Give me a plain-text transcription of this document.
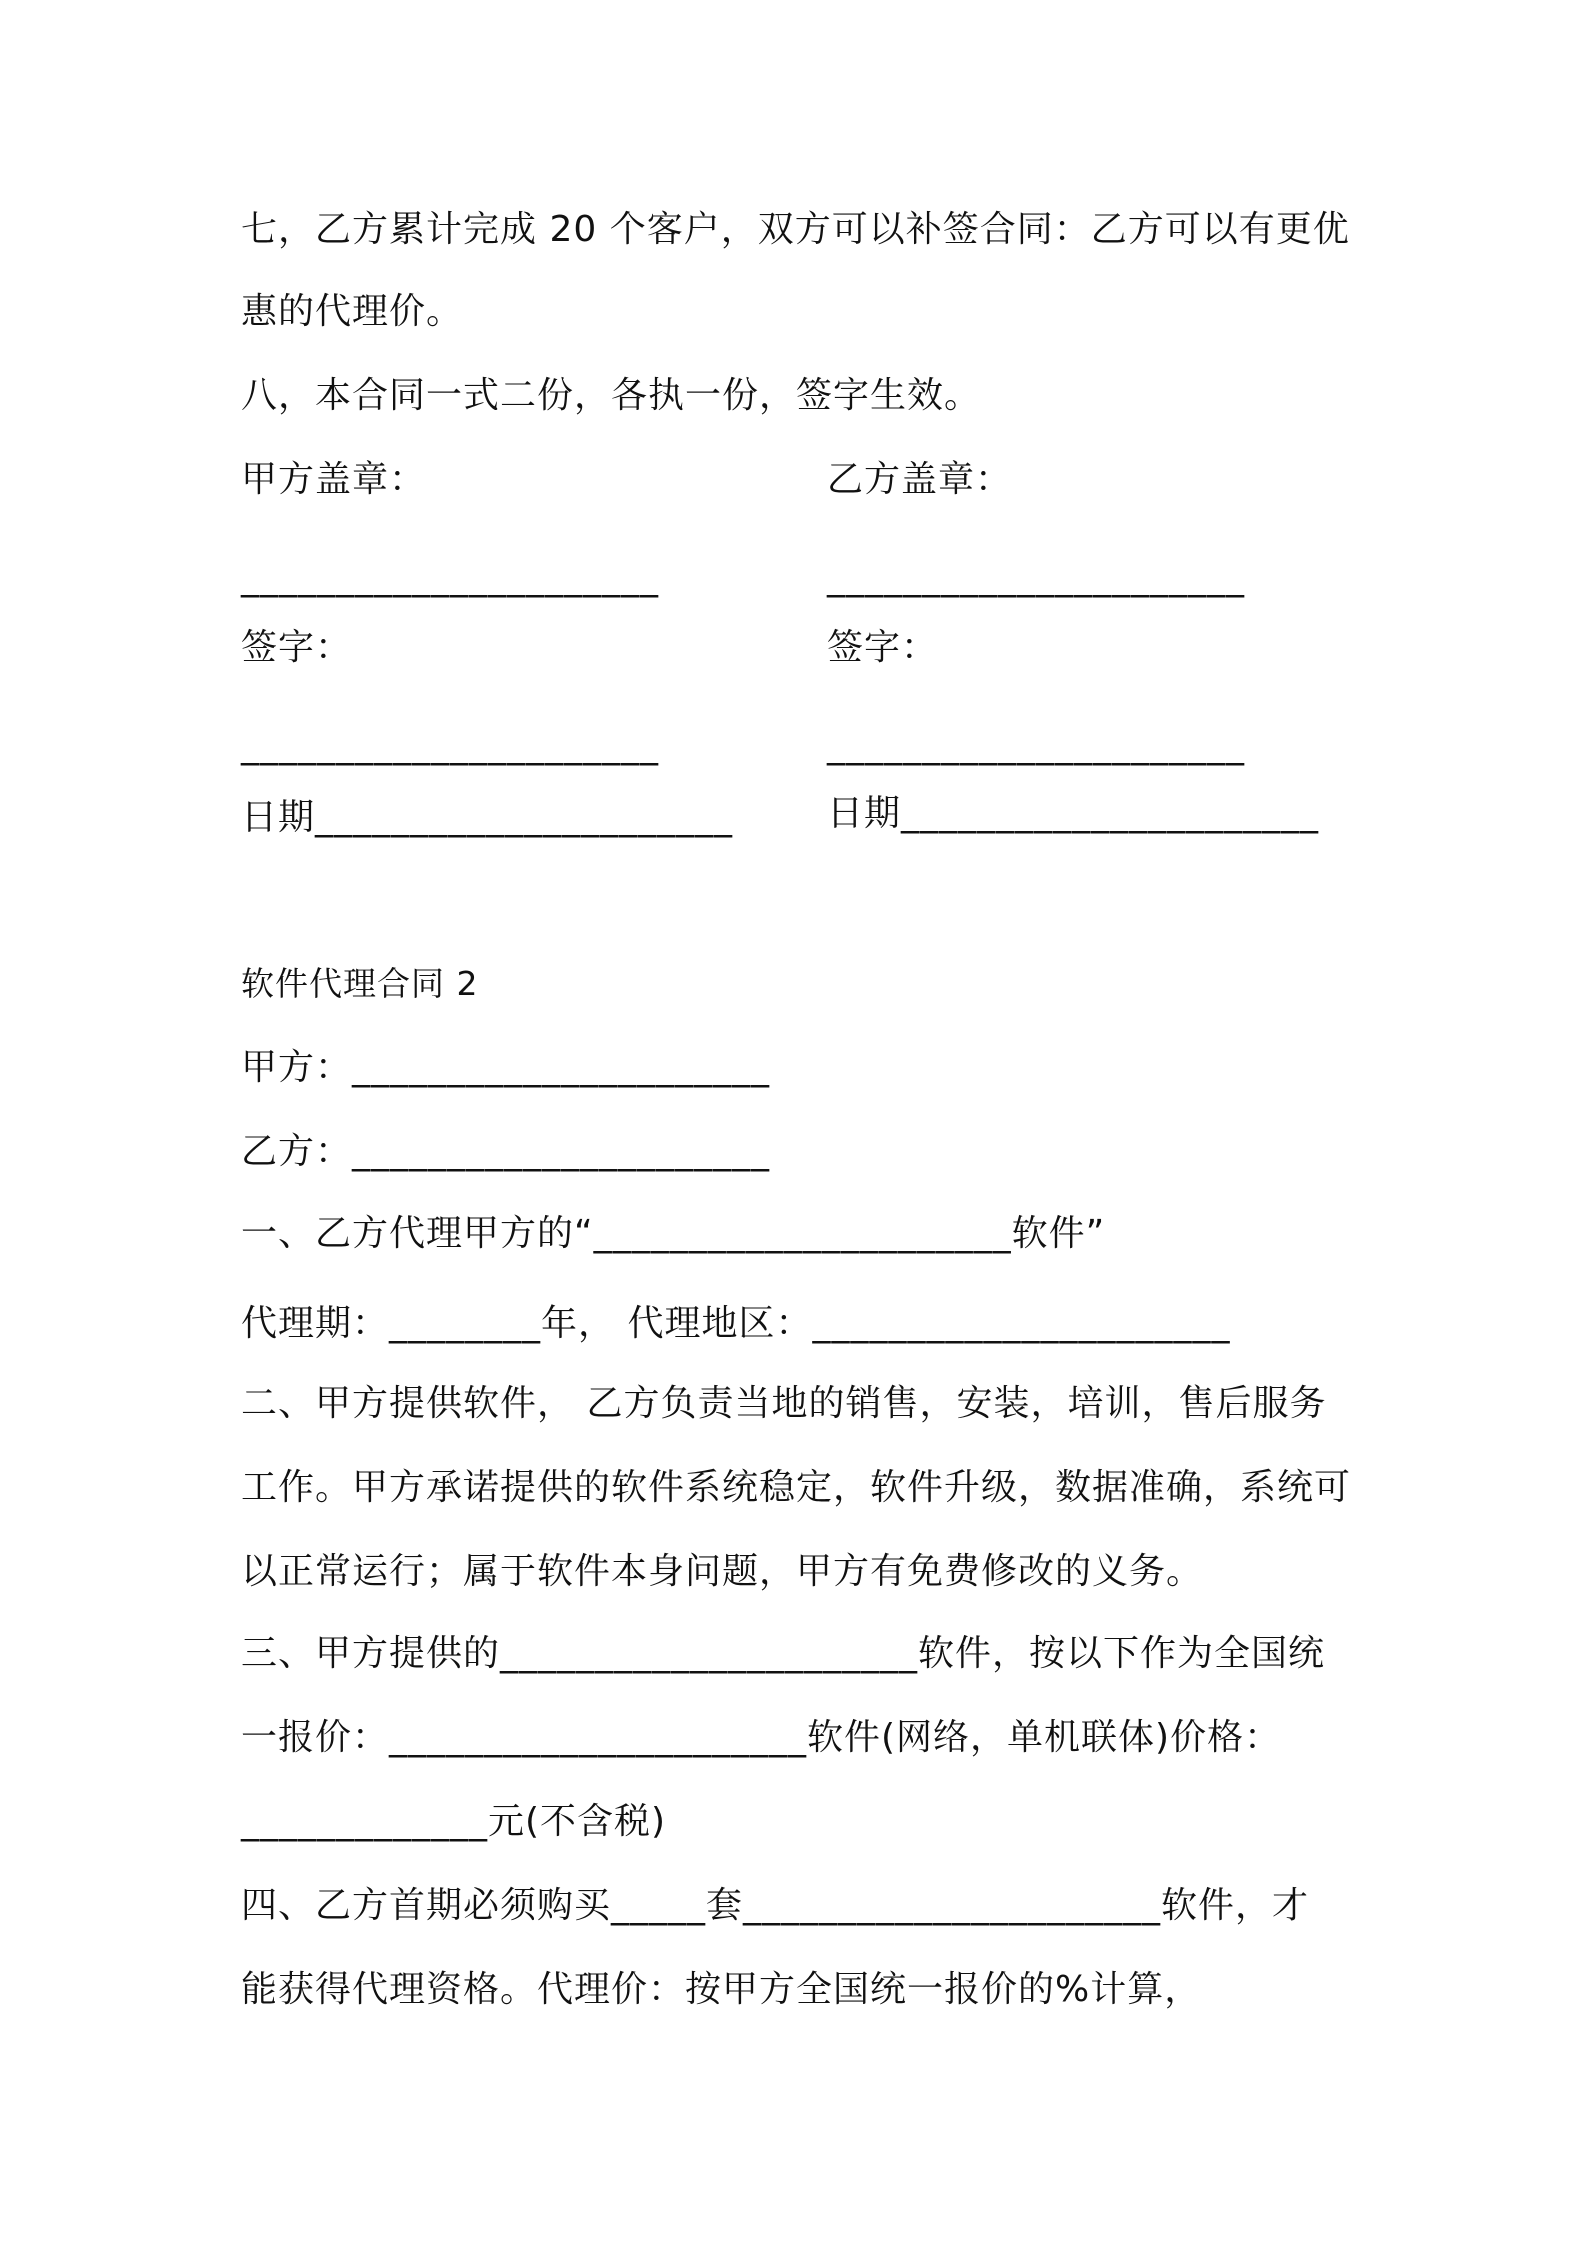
七，乙方累计完成 20 个客户，双方可以补签合同：乙方可以有更优
惠的代理价。
八，本合同一式二份，各执一份，签字生效。
甲方盖章：	乙方盖章：
______________________	______________________
签字：	签字：
______________________	______________________
日期______________________	日期______________________
软件代理合同 2
甲方：______________________
乙方：______________________
一、乙方代理甲方的“______________________软件”
代理期：________年， 代理地区：______________________
二、甲方提供软件， 乙方负责当地的销售，安装，培训，售后服务
工作。甲方承诺提供的软件系统稳定，软件升级，数据准确，系统可
以正常运行；属于软件本身问题，甲方有免费修改的义务。
三、甲方提供的______________________软件，按以下作为全国统
一报价：______________________软件(网络，单机联体)价格：
_____________元(不含税)
四、乙方首期必须购买_____套______________________软件，才
能获得代理资格。代理价：按甲方全国统一报价的%计算，
